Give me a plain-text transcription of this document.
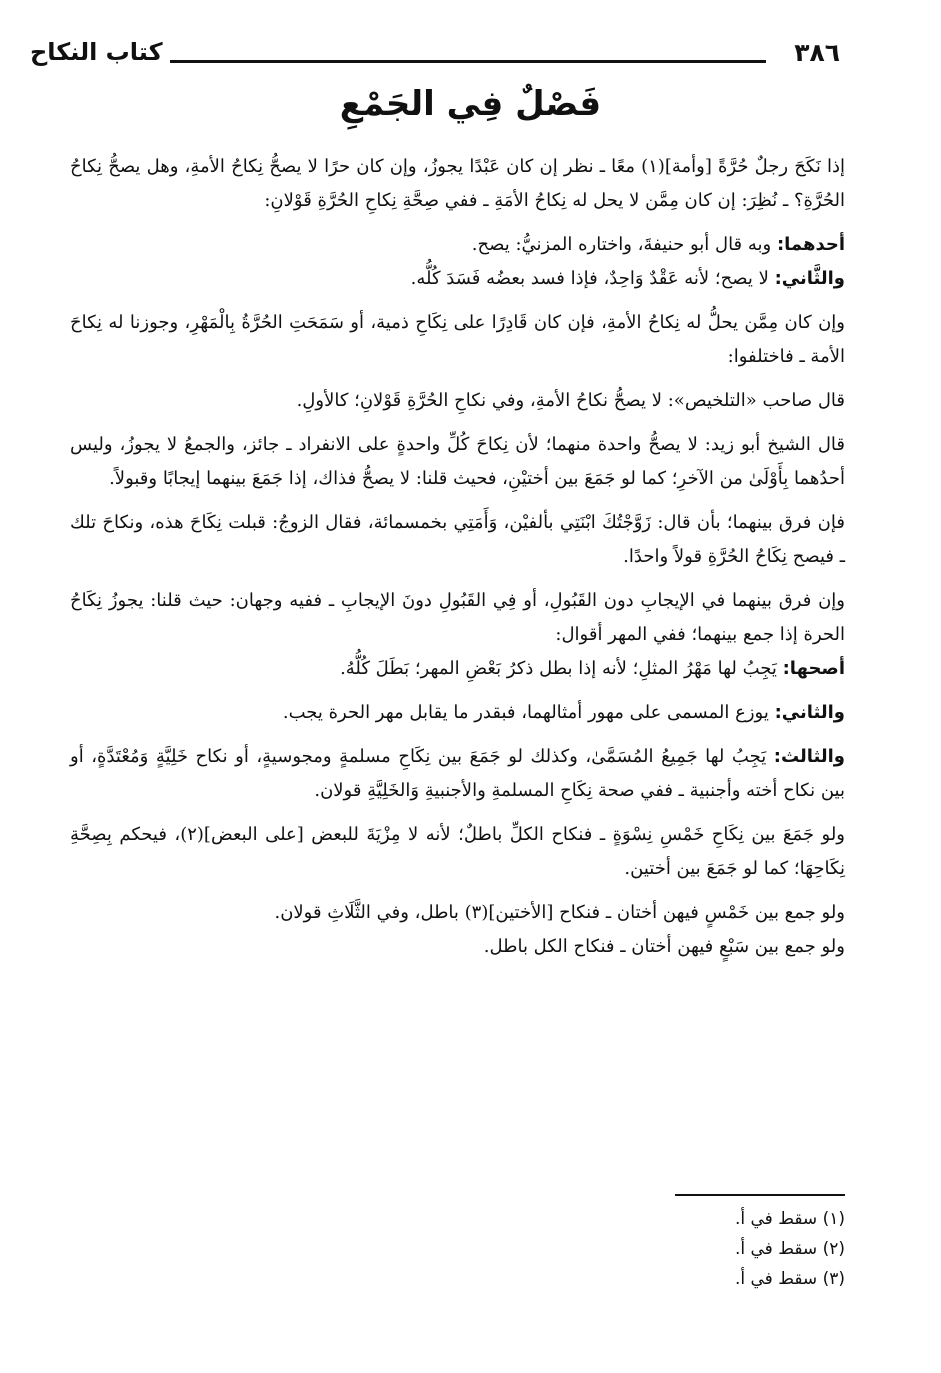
٣٨٦
كتاب النكاح
فَصْلٌ فِي الجَمْعِ

إذا نَكَحَ رجلٌ حُرَّةً [وأمة](١) معًا ـ نظر إن كان عَبْدًا يجوزُ، وإن كان حرًا لا يصحُّ نِكاحُ الأمةِ، وهل يصحُّ نِكاحُ الحُرَّةِ؟ ـ نُظِرَ: إن كان مِمَّن لا يحل له نِكاحُ الأمَةِ ـ ففي صِحَّةِ نِكاحِ الحُرَّةِ قَوْلانِ:

أحدهما: وبه قال أبو حنيفةَ، واختاره المزنيُّ: يصح.

والثَّاني: لا يصح؛ لأنه عَقْدٌ وَاحِدٌ، فإذا فسد بعضُه فَسَدَ كُلُّه.

وإن كان مِمَّن يحلُّ له نِكاحُ الأمةِ، فإن كان قَادِرًا على نِكَاحِ ذمية، أو سَمَحَتِ الحُرَّةُ بِالْمَهْرِ، وجوزنا له نِكاحَ الأمة ـ فاختلفوا:

قال صاحب «التلخيص»: لا يصحُّ نكاحُ الأمةِ، وفي نكاحِ الحُرَّةِ قَوْلانِ؛ كالأولِ.

قال الشيخ أبو زيد: لا يصحُّ واحدة منهما؛ لأن نِكاحَ كُلِّ واحدةٍ على الانفراد ـ جائز، والجمعُ لا يجوزُ، وليس أحدُهما بِأَوْلَىٰ من الآخرِ؛ كما لو جَمَعَ بين أختيْنِ، فحيث قلنا: لا يصحُّ فذاك، إذا جَمَعَ بينهما إيجابًا وقبولاً.

فإن فرق بينهما؛ بأن قال: زَوَّجْتُكَ ابْنَتِي بألفيْن، وَأَمَتِي بخمسمائة، فقال الزوجُ: قبلت نِكَاحَ هذه، ونكاحَ تلك ـ فيصح نِكَاحُ الحُرَّةِ قولاً واحدًا.

وإن فرق بينهما في الإيجابِ دون القَبُولِ، أو فِي القَبُولِ دونَ الإيجابِ ـ ففيه وجهان: حيث قلنا: يجوزُ نِكَاحُ الحرة إذا جمع بينهما؛ ففي المهر أقوال:

أصحها: يَجِبُ لها مَهْرُ المثلِ؛ لأنه إذا بطل ذكرُ بَعْضِ المهر؛ بَطَلَ كُلُّهُ.

والثاني: يوزع المسمى على مهور أمثالهما، فبقدر ما يقابل مهر الحرة يجب.

والثالث: يَجِبُ لها جَمِيعُ المُسَمَّىٰ، وكذلك لو جَمَعَ بين نِكَاحِ مسلمةٍ ومجوسيةٍ، أو نكاح خَلِيَّةٍ وَمُعْتَدَّةٍ، أو بين نكاح أخته وأجنبية ـ ففي صحة نِكَاحِ المسلمةِ والأجنبيةِ وَالخَلِيَّةِ قولان.

ولو جَمَعَ بين نِكَاحِ خَمْسِ نِسْوَةٍ ـ فنكاح الكلِّ باطلٌ؛ لأنه لا مِزْيَةَ للبعض [على البعض](٢)، فيحكم بِصِحَّةِ نِكَاحِهَا؛ كما لو جَمَعَ بين أختين.

ولو جمع بين خَمْسٍ فيهن أختان ـ فنكاح [الأختين](٣) باطل، وفي الثَّلَاثِ قولان.

ولو جمع بين سَبْعٍ فيهن أختان ـ فنكاح الكل باطل.

(١) سقط في أ.
(٢) سقط في أ.
(٣) سقط في أ.
